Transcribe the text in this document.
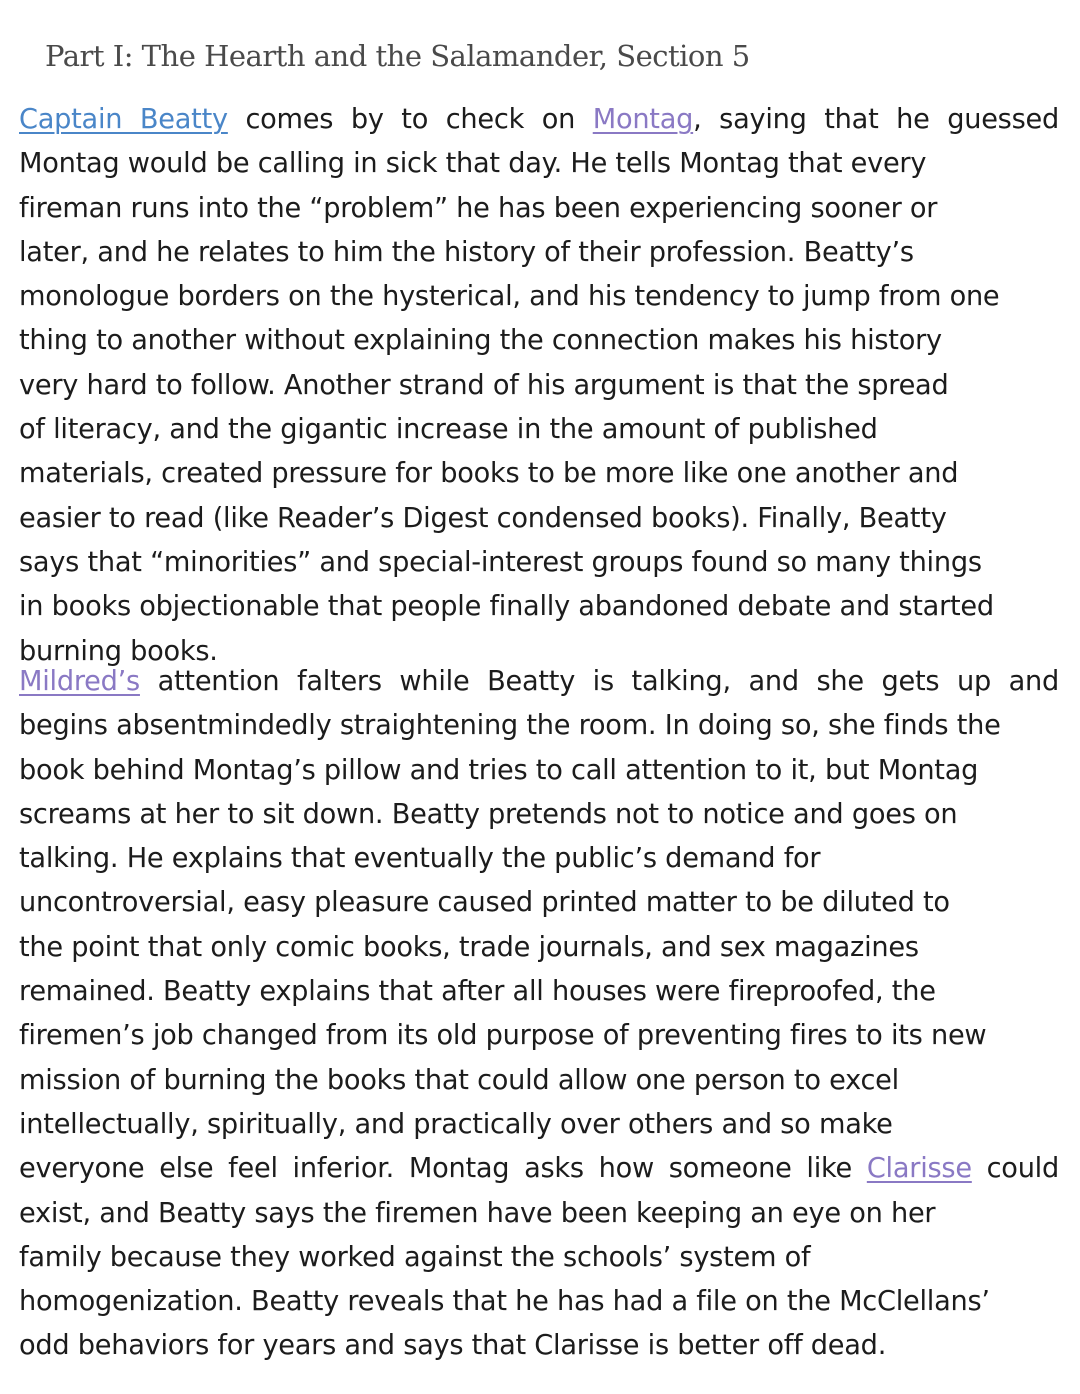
Part I: The Hearth and the Salamander, Section 5

Captain Beatty comes by to check on Montag, saying that he guessed
Montag would be calling in sick that day. He tells Montag that every
fireman runs into the “problem” he has been experiencing sooner or
later, and he relates to him the history of their profession. Beatty’s
monologue borders on the hysterical, and his tendency to jump from one
thing to another without explaining the connection makes his history
very hard to follow. Another strand of his argument is that the spread
of literacy, and the gigantic increase in the amount of published
materials, created pressure for books to be more like one another and
easier to read (like Reader’s Digest condensed books). Finally, Beatty
says that “minorities” and special-interest groups found so many things
in books objectionable that people finally abandoned debate and started
burning books.

Mildred’s attention falters while Beatty is talking, and she gets up and
begins absentmindedly straightening the room. In doing so, she finds the
book behind Montag’s pillow and tries to call attention to it, but Montag
screams at her to sit down. Beatty pretends not to notice and goes on
talking. He explains that eventually the public’s demand for
uncontroversial, easy pleasure caused printed matter to be diluted to
the point that only comic books, trade journals, and sex magazines
remained. Beatty explains that after all houses were fireproofed, the
firemen’s job changed from its old purpose of preventing fires to its new
mission of burning the books that could allow one person to excel
intellectually, spiritually, and practically over others and so make
everyone else feel inferior. Montag asks how someone like Clarisse could
exist, and Beatty says the firemen have been keeping an eye on her
family because they worked against the schools’ system of
homogenization. Beatty reveals that he has had a file on the McClellans’
odd behaviors for years and says that Clarisse is better off dead.
